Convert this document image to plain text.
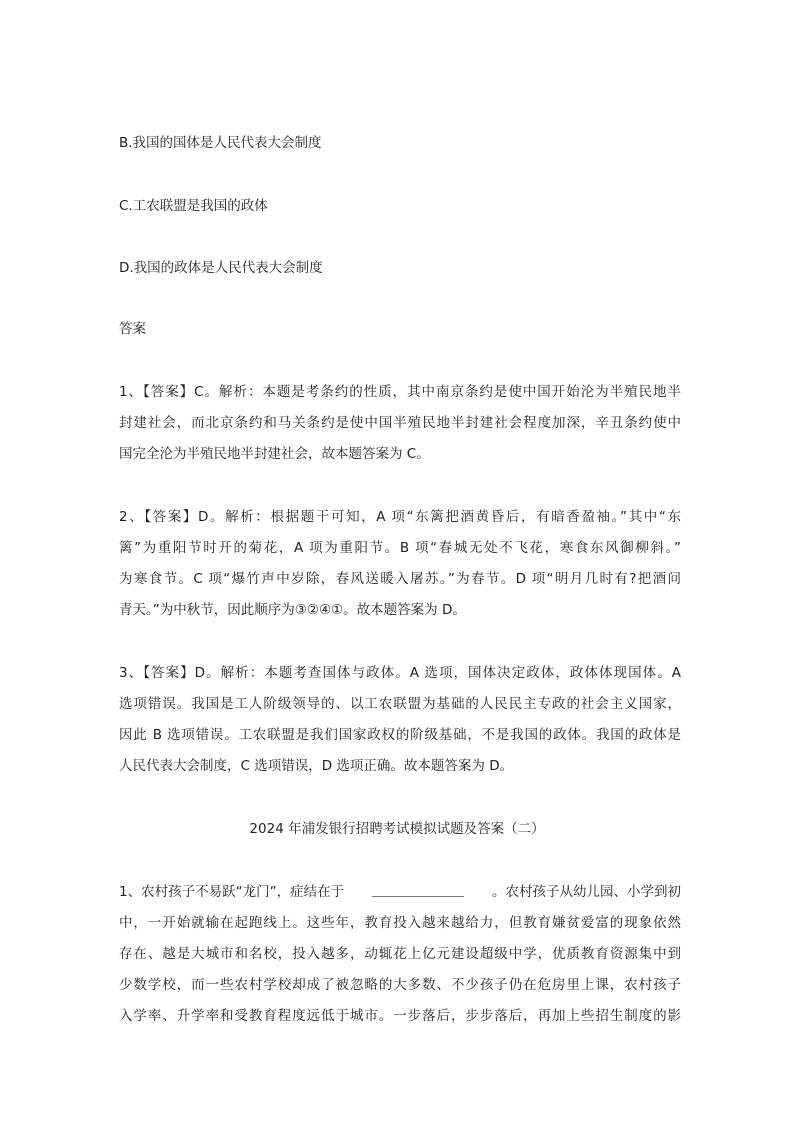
B.我国的国体是人民代表大会制度
C.工农联盟是我国的政体
D.我国的政体是人民代表大会制度
答案
1、【答案】C。解析：本题是考条约的性质，其中南京条约是使中国开始沦为半殖民地半
封建社会，而北京条约和马关条约是使中国半殖民地半封建社会程度加深，辛丑条约使中
国完全沦为半殖民地半封建社会，故本题答案为 C。
2、【答案】D。解析：根据题干可知，A 项“东篱把酒黄昏后，有暗香盈袖。”其中“东
篱”为重阳节时开的菊花，A 项为重阳节。B 项“春城无处不飞花，寒食东风御柳斜。”
为寒食节。C 项“爆竹声中岁除，春风送暖入屠苏。”为春节。D 项“明月几时有?把酒问
青天。”为中秋节，因此顺序为③②④①。故本题答案为 D。
3、【答案】D。解析：本题考查国体与政体。A 选项，国体决定政体，政体体现国体。A
选项错误。我国是工人阶级领导的、以工农联盟为基础的人民民主专政的社会主义国家，
因此 B 选项错误。工农联盟是我们国家政权的阶级基础，不是我国的政体。我国的政体是
人民代表大会制度，C 选项错误，D 选项正确。故本题答案为 D。
2024 年浦发银行招聘考试模拟试题及答案（二）
1、农村孩子不易跃“龙门”，症结在于	。农村孩子从幼儿园、小学到初
中，一开始就输在起跑线上。这些年，教育投入越来越给力，但教育嫌贫爱富的现象依然
存在、越是大城市和名校，投入越多，动辄花上亿元建设超级中学，优质教育资源集中到
少数学校，而一些农村学校却成了被忽略的大多数、不少孩子仍在危房里上课，农村孩子
入学率、升学率和受教育程度远低于城市。一步落后，步步落后，再加上些招生制度的影
